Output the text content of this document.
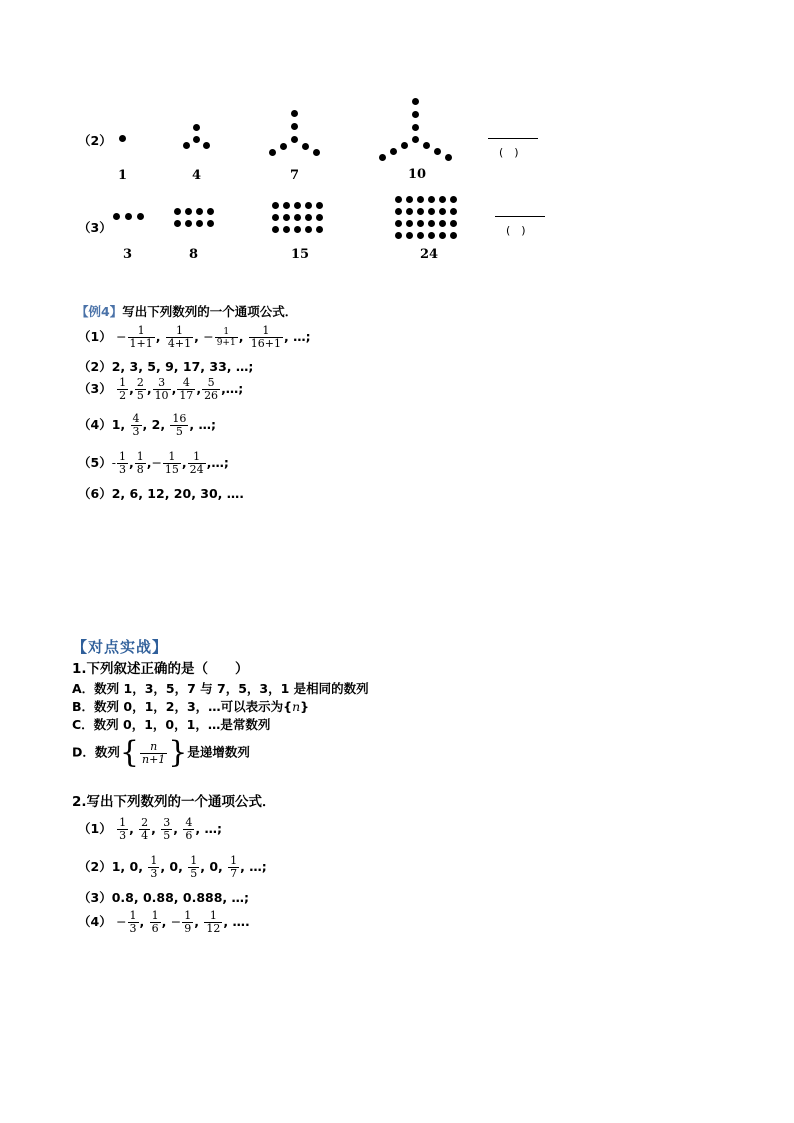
（2）
(　)
1	4	7	10
（3）	(　)
3	8	15	24
【例4】写出下列数列的一个通项公式．
$(1) - \frac{1}{1+1}$ , $\frac{1}{4+1}$ , − $\frac{1}{9+1}$ , $\frac{1}{16+1}$ , …;
（2）2, 3, 5, 9, 17, 33, …;
$(3) \frac{1}{2}$ , $\frac{2}{5}$ , $\frac{3}{10}$ , $\frac{4}{17}$ , $\frac{5}{26}$ ,…;
（4）1, $\frac{4}{3}$ , 2, $\frac{16}{5}$ , …;
$(5)- \frac{1}{3}$ , $\frac{1}{8}$ ,− $\frac{1}{15}$ , $\frac{1}{24}$ ,…;
（6）2, 6, 12, 20, 30, ….
【对点实战】
1.下列叙述正确的是（　　）
A．数列 1，3，5，7 与 7，5，3，1 是相同的数列
B．数列 0，1，2，3，…可以表示为{n}
C．数列 0，1，0，1，…是常数列
D．数列{ $\frac{n}{n+1}$ }是递增数列
2.写出下列数列的一个通项公式．
$(1) \frac{1}{3}$ , $\frac{2}{4}$ , $\frac{3}{5}$ , $\frac{4}{6}$ , …;
（2）1, 0, $\frac{1}{3}$ , 0, $\frac{1}{5}$ , 0, $\frac{1}{7}$ , …;
（3）0.8, 0.88, 0.888, …;
$(4) - \frac{1}{3}$ , $\frac{1}{6}$ , − $\frac{1}{9}$ , $\frac{1}{12}$ , ….
